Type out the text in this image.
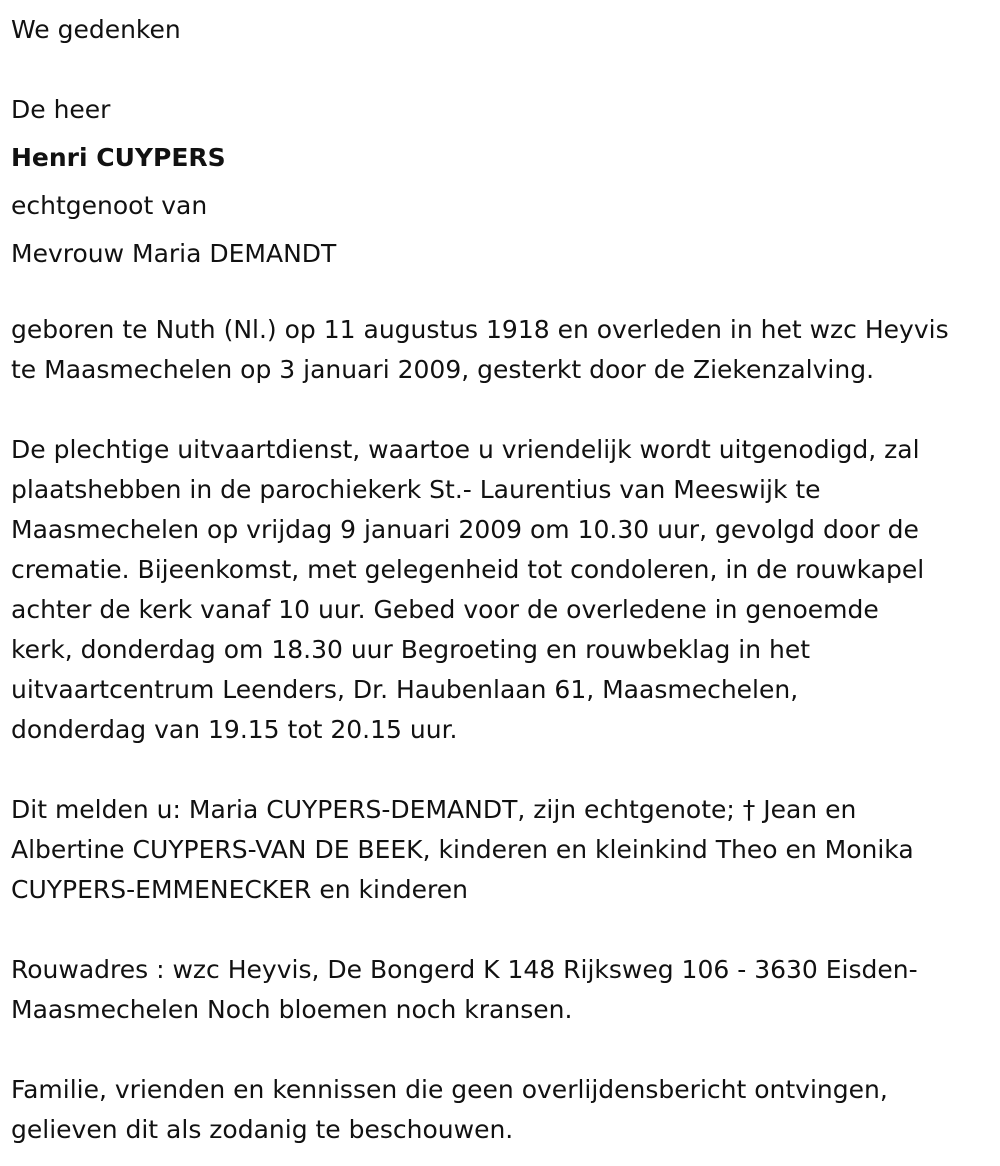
We gedenken
De heer
Henri CUYPERS
echtgenoot van
Mevrouw Maria DEMANDT
geboren te Nuth (Nl.) op 11 augustus 1918 en overleden in het wzc Heyvis
te Maasmechelen op 3 januari 2009, gesterkt door de Ziekenzalving.
De plechtige uitvaartdienst, waartoe u vriendelijk wordt uitgenodigd, zal
plaatshebben in de parochiekerk St.- Laurentius van Meeswijk te
Maasmechelen op vrijdag 9 januari 2009 om 10.30 uur, gevolgd door de
crematie. Bijeenkomst, met gelegenheid tot condoleren, in de rouwkapel
achter de kerk vanaf 10 uur. Gebed voor de overledene in genoemde
kerk, donderdag om 18.30 uur Begroeting en rouwbeklag in het
uitvaartcentrum Leenders, Dr. Haubenlaan 61, Maasmechelen,
donderdag van 19.15 tot 20.15 uur.
Dit melden u: Maria CUYPERS-DEMANDT, zijn echtgenote; † Jean en
Albertine CUYPERS-VAN DE BEEK, kinderen en kleinkind Theo en Monika
CUYPERS-EMMENECKER en kinderen
Rouwadres : wzc Heyvis, De Bongerd K 148 Rijksweg 106 - 3630 Eisden-
Maasmechelen Noch bloemen noch kransen.
Familie, vrienden en kennissen die geen overlijdensbericht ontvingen,
gelieven dit als zodanig te beschouwen.
